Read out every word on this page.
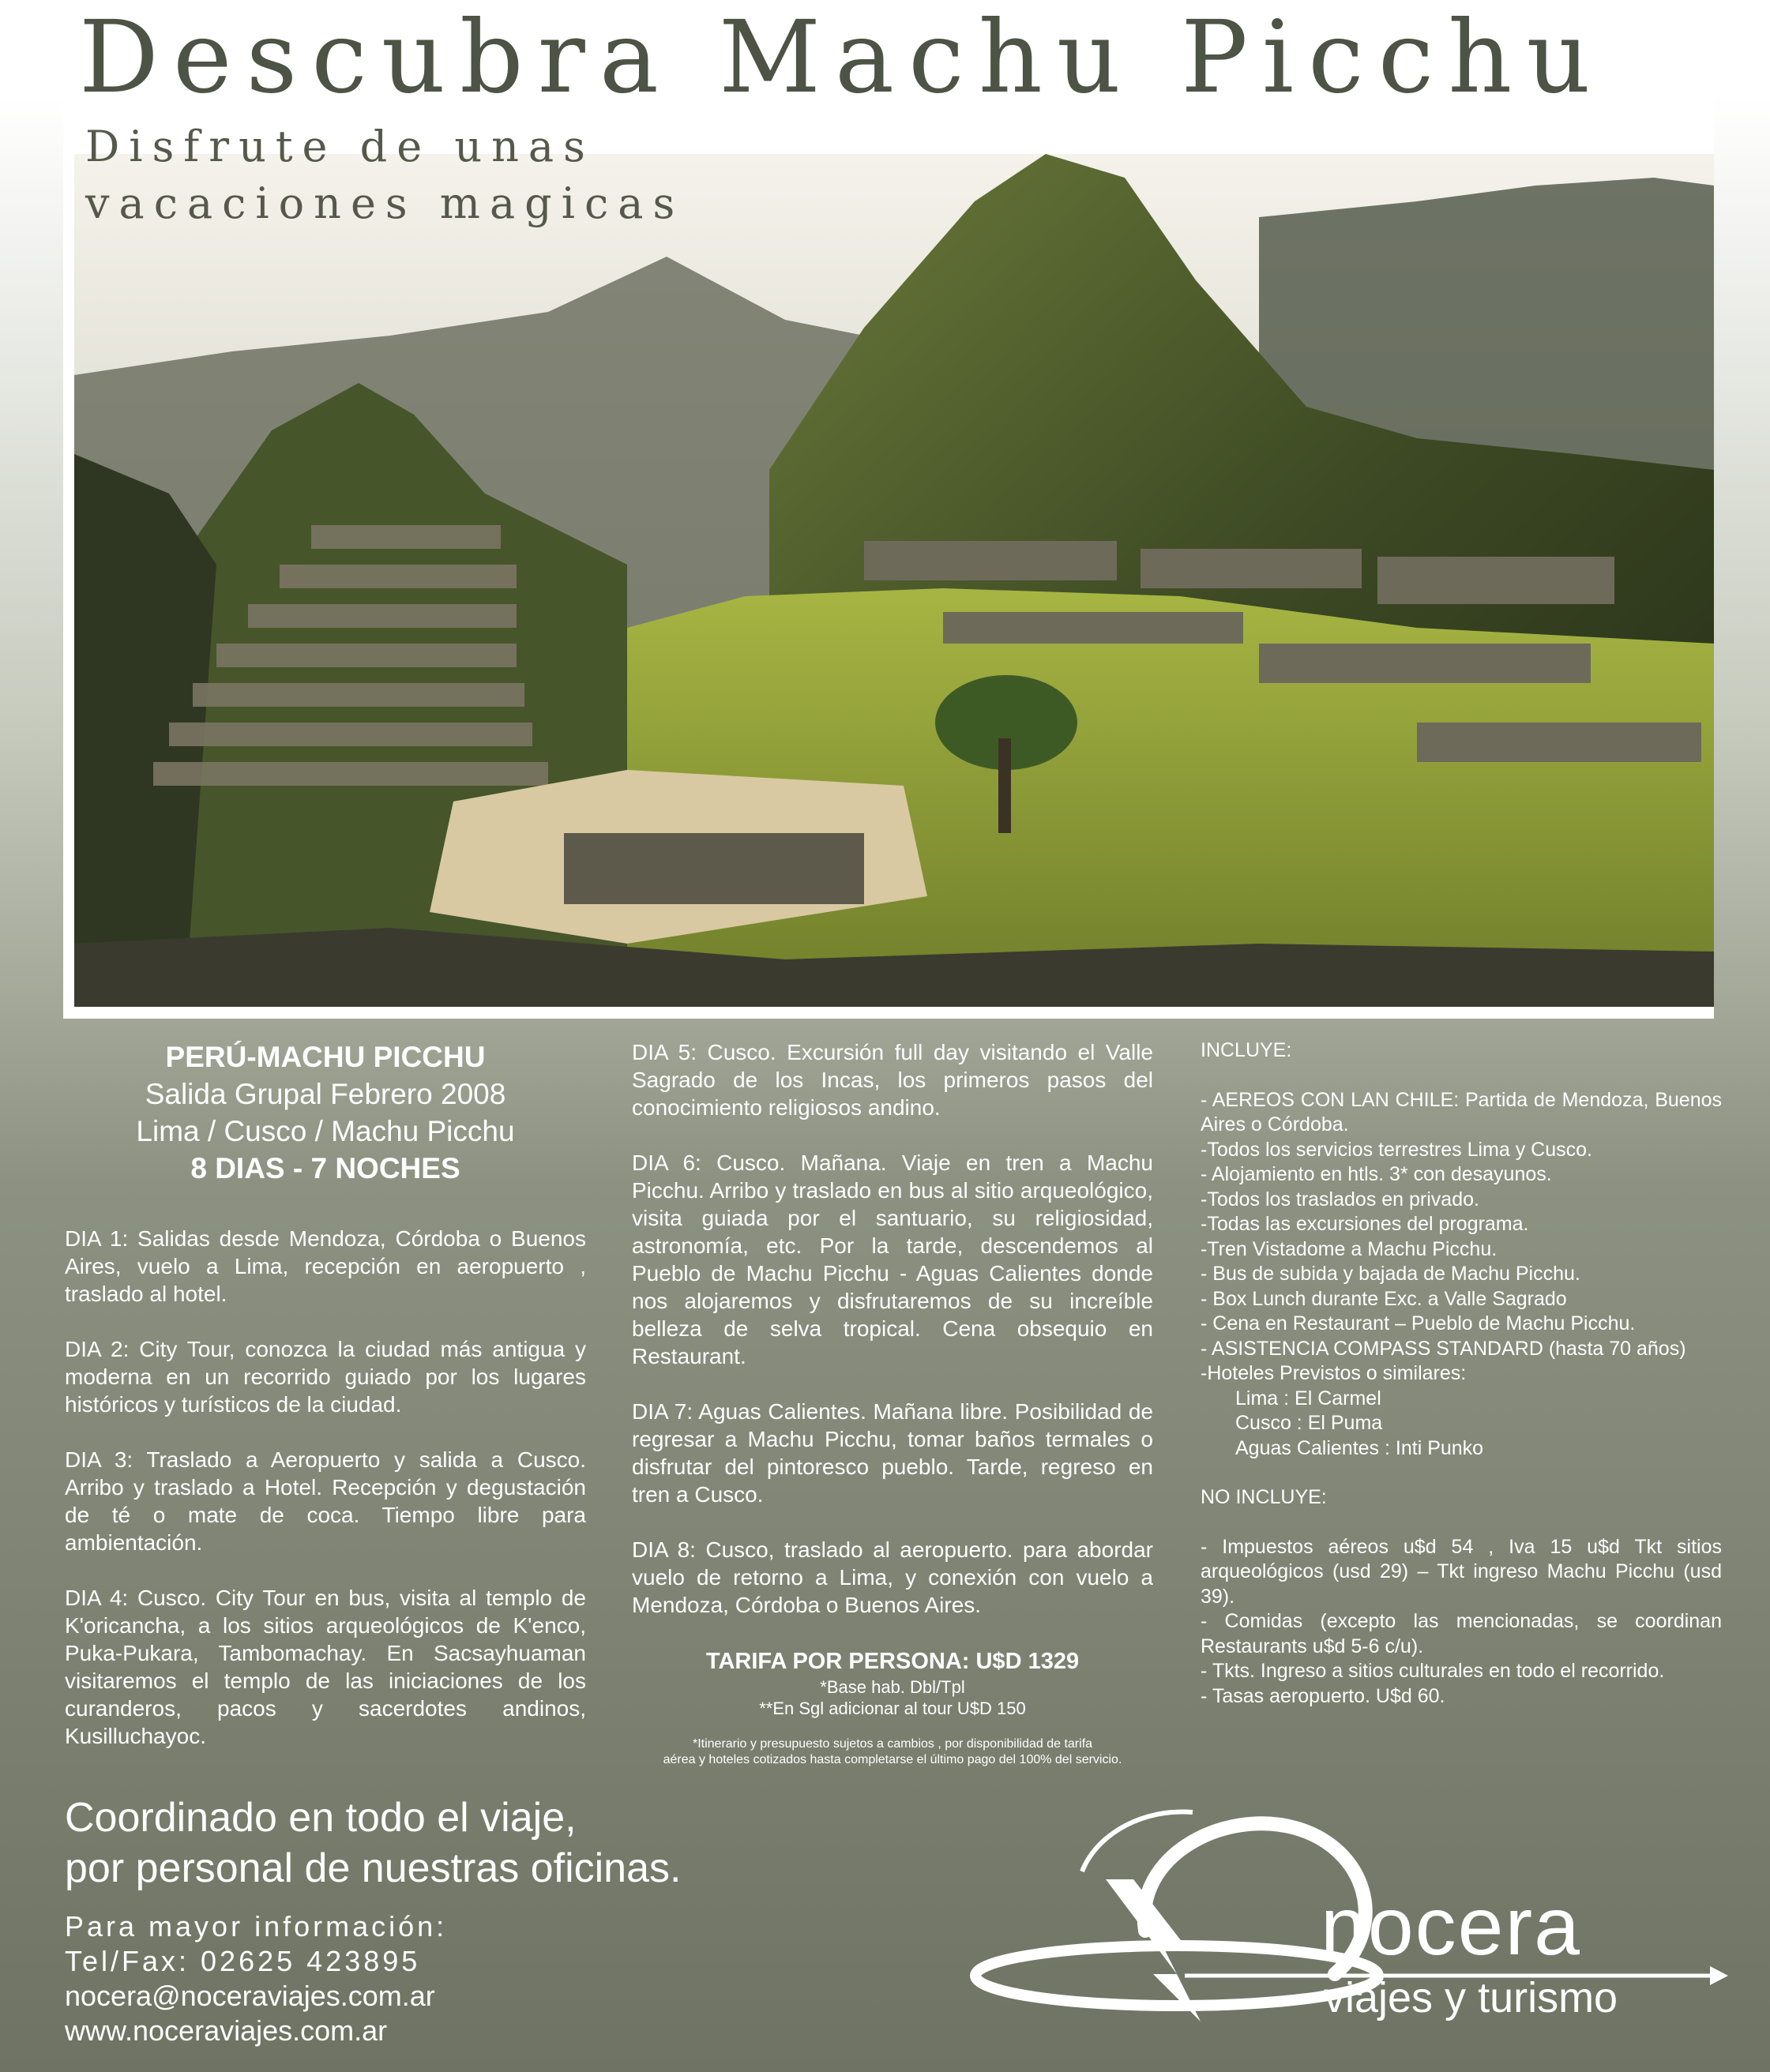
Descubra Machu Picchu
Disfrute de unas
vacaciones magicas
PERÚ-MACHU PICCHU
Salida Grupal Febrero 2008
Lima / Cusco / Machu Picchu
8 DIAS - 7 NOCHES
DIA 1: Salidas desde Mendoza, Córdoba o Buenos Aires, vuelo a Lima, recepción en aeropuerto , traslado al hotel.
DIA 2: City Tour, conozca la ciudad más antigua y moderna en un recorrido guiado por los lugares históricos y turísticos de la ciudad.
DIA 3: Traslado a Aeropuerto y salida a Cusco. Arribo y traslado a Hotel. Recepción y degustación de té o mate de coca. Tiempo libre para ambientación.
DIA 4: Cusco. City Tour en bus, visita al templo de K'oricancha, a los sitios arqueológicos de K'enco, Puka-Pukara, Tambomachay. En Sacsayhuaman visitaremos el templo de las iniciaciones de los curanderos, pacos y sacerdotes andinos, Kusilluchayoc.
DIA 5: Cusco. Excursión full day visitando el Valle Sagrado de los Incas, los primeros pasos del conocimiento religiosos andino.
DIA 6: Cusco. Mañana. Viaje en tren a Machu Picchu. Arribo y traslado en bus al sitio arqueológico, visita guiada por el santuario, su religiosidad, astronomía, etc. Por la tarde, descendemos al Pueblo de Machu Picchu - Aguas Calientes donde nos alojaremos y disfrutaremos de su increíble belleza de selva tropical. Cena obsequio en Restaurant.
DIA 7: Aguas Calientes. Mañana libre. Posibilidad de regresar a Machu Picchu, tomar baños termales o disfrutar del pintoresco pueblo. Tarde, regreso en tren a Cusco.
DIA 8: Cusco, traslado al aeropuerto. para abordar vuelo de retorno a Lima, y conexión con vuelo a Mendoza, Córdoba o Buenos Aires.
TARIFA POR PERSONA: U$D 1329
*Base hab. Dbl/Tpl
**En Sgl adicionar al tour U$D 150
*Itinerario y presupuesto sujetos a cambios , por disponibilidad de tarifa
aérea y hoteles cotizados hasta completarse el último pago del 100% del servicio.
INCLUYE:
- AEREOS CON LAN CHILE: Partida de Mendoza, Buenos Aires o Córdoba.
-Todos los servicios terrestres Lima y Cusco.
- Alojamiento en htls. 3* con desayunos.
-Todos los traslados en privado.
-Todas las excursiones del programa.
-Tren Vistadome a Machu Picchu.
- Bus de subida y bajada de Machu Picchu.
- Box Lunch durante Exc. a Valle Sagrado
- Cena en Restaurant – Pueblo de Machu Picchu.
- ASISTENCIA COMPASS STANDARD (hasta 70 años)
-Hoteles Previstos o similares:
Lima : El Carmel
Cusco : El Puma
Aguas Calientes : Inti Punko
NO INCLUYE:
- Impuestos aéreos u$d 54 , Iva 15 u$d Tkt sitios arqueológicos (usd 29) – Tkt ingreso Machu Picchu (usd 39).
- Comidas (excepto las mencionadas, se coordinan Restaurants u$d 5-6 c/u).
- Tkts. Ingreso a sitios culturales en todo el recorrido.
- Tasas aeropuerto. U$d 60.
Coordinado en todo el viaje,
por personal de nuestras oficinas.
Para mayor información:
Tel/Fax: 02625 423895
nocera@noceraviajes.com.ar
www.noceraviajes.com.ar
nocera
viajes y turismo
